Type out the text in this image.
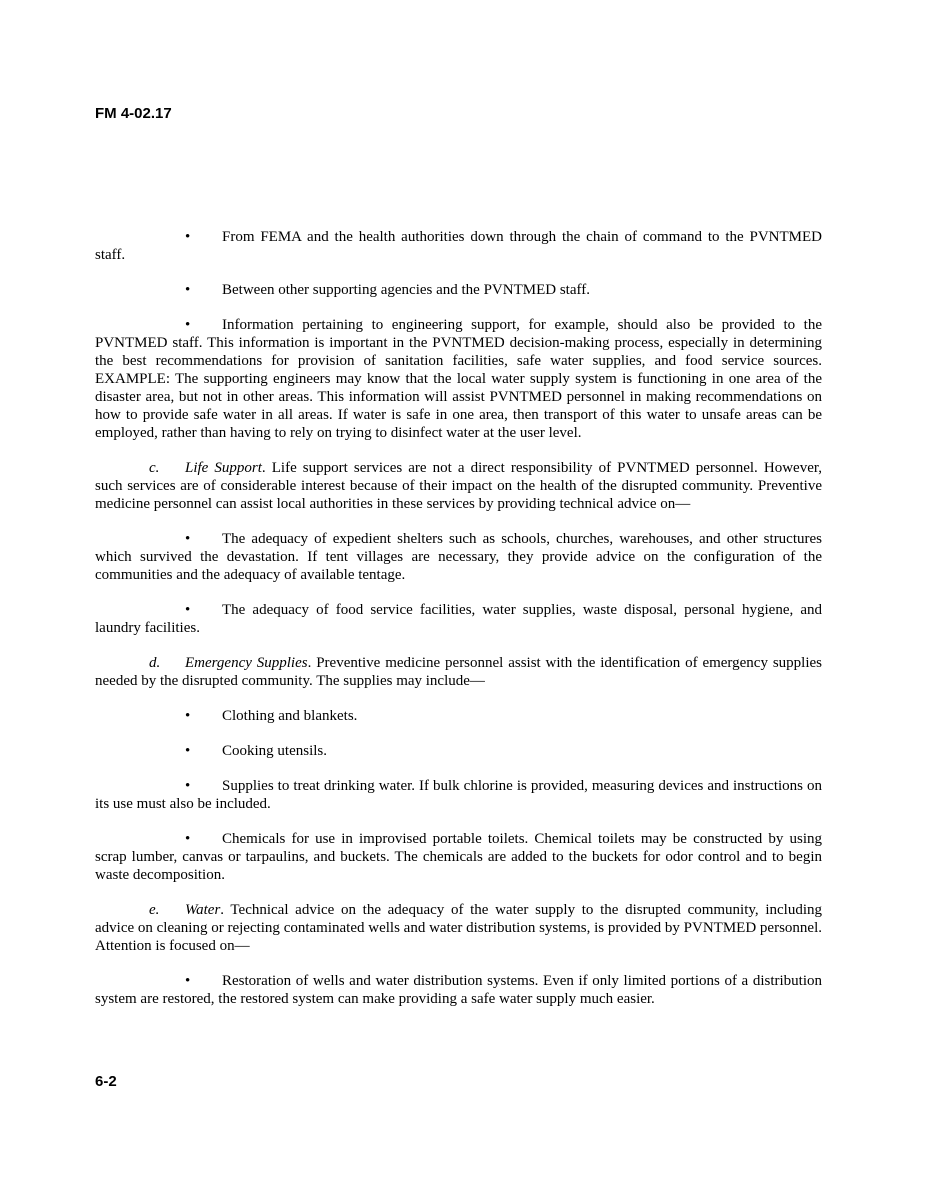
FM 4-02.17

• From FEMA and the health authorities down through the chain of command to the PVNTMED staff.

• Between other supporting agencies and the PVNTMED staff.

• Information pertaining to engineering support, for example, should also be provided to the PVNTMED staff. This information is important in the PVNTMED decision-making process, especially in determining the best recommendations for provision of sanitation facilities, safe water supplies, and food service sources. EXAMPLE: The supporting engineers may know that the local water supply system is functioning in one area of the disaster area, but not in other areas. This information will assist PVNTMED personnel in making recommendations on how to provide safe water in all areas. If water is safe in one area, then transport of this water to unsafe areas can be employed, rather than having to rely on trying to disinfect water at the user level.

c. Life Support. Life support services are not a direct responsibility of PVNTMED personnel. However, such services are of considerable interest because of their impact on the health of the disrupted community. Preventive medicine personnel can assist local authorities in these services by providing technical advice on—

• The adequacy of expedient shelters such as schools, churches, warehouses, and other structures which survived the devastation. If tent villages are necessary, they provide advice on the configuration of the communities and the adequacy of available tentage.

• The adequacy of food service facilities, water supplies, waste disposal, personal hygiene, and laundry facilities.

d. Emergency Supplies. Preventive medicine personnel assist with the identification of emergency supplies needed by the disrupted community. The supplies may include—

• Clothing and blankets.

• Cooking utensils.

• Supplies to treat drinking water. If bulk chlorine is provided, measuring devices and instructions on its use must also be included.

• Chemicals for use in improvised portable toilets. Chemical toilets may be constructed by using scrap lumber, canvas or tarpaulins, and buckets. The chemicals are added to the buckets for odor control and to begin waste decomposition.

e. Water. Technical advice on the adequacy of the water supply to the disrupted community, including advice on cleaning or rejecting contaminated wells and water distribution systems, is provided by PVNTMED personnel. Attention is focused on—

• Restoration of wells and water distribution systems. Even if only limited portions of a distribution system are restored, the restored system can make providing a safe water supply much easier.

6-2
